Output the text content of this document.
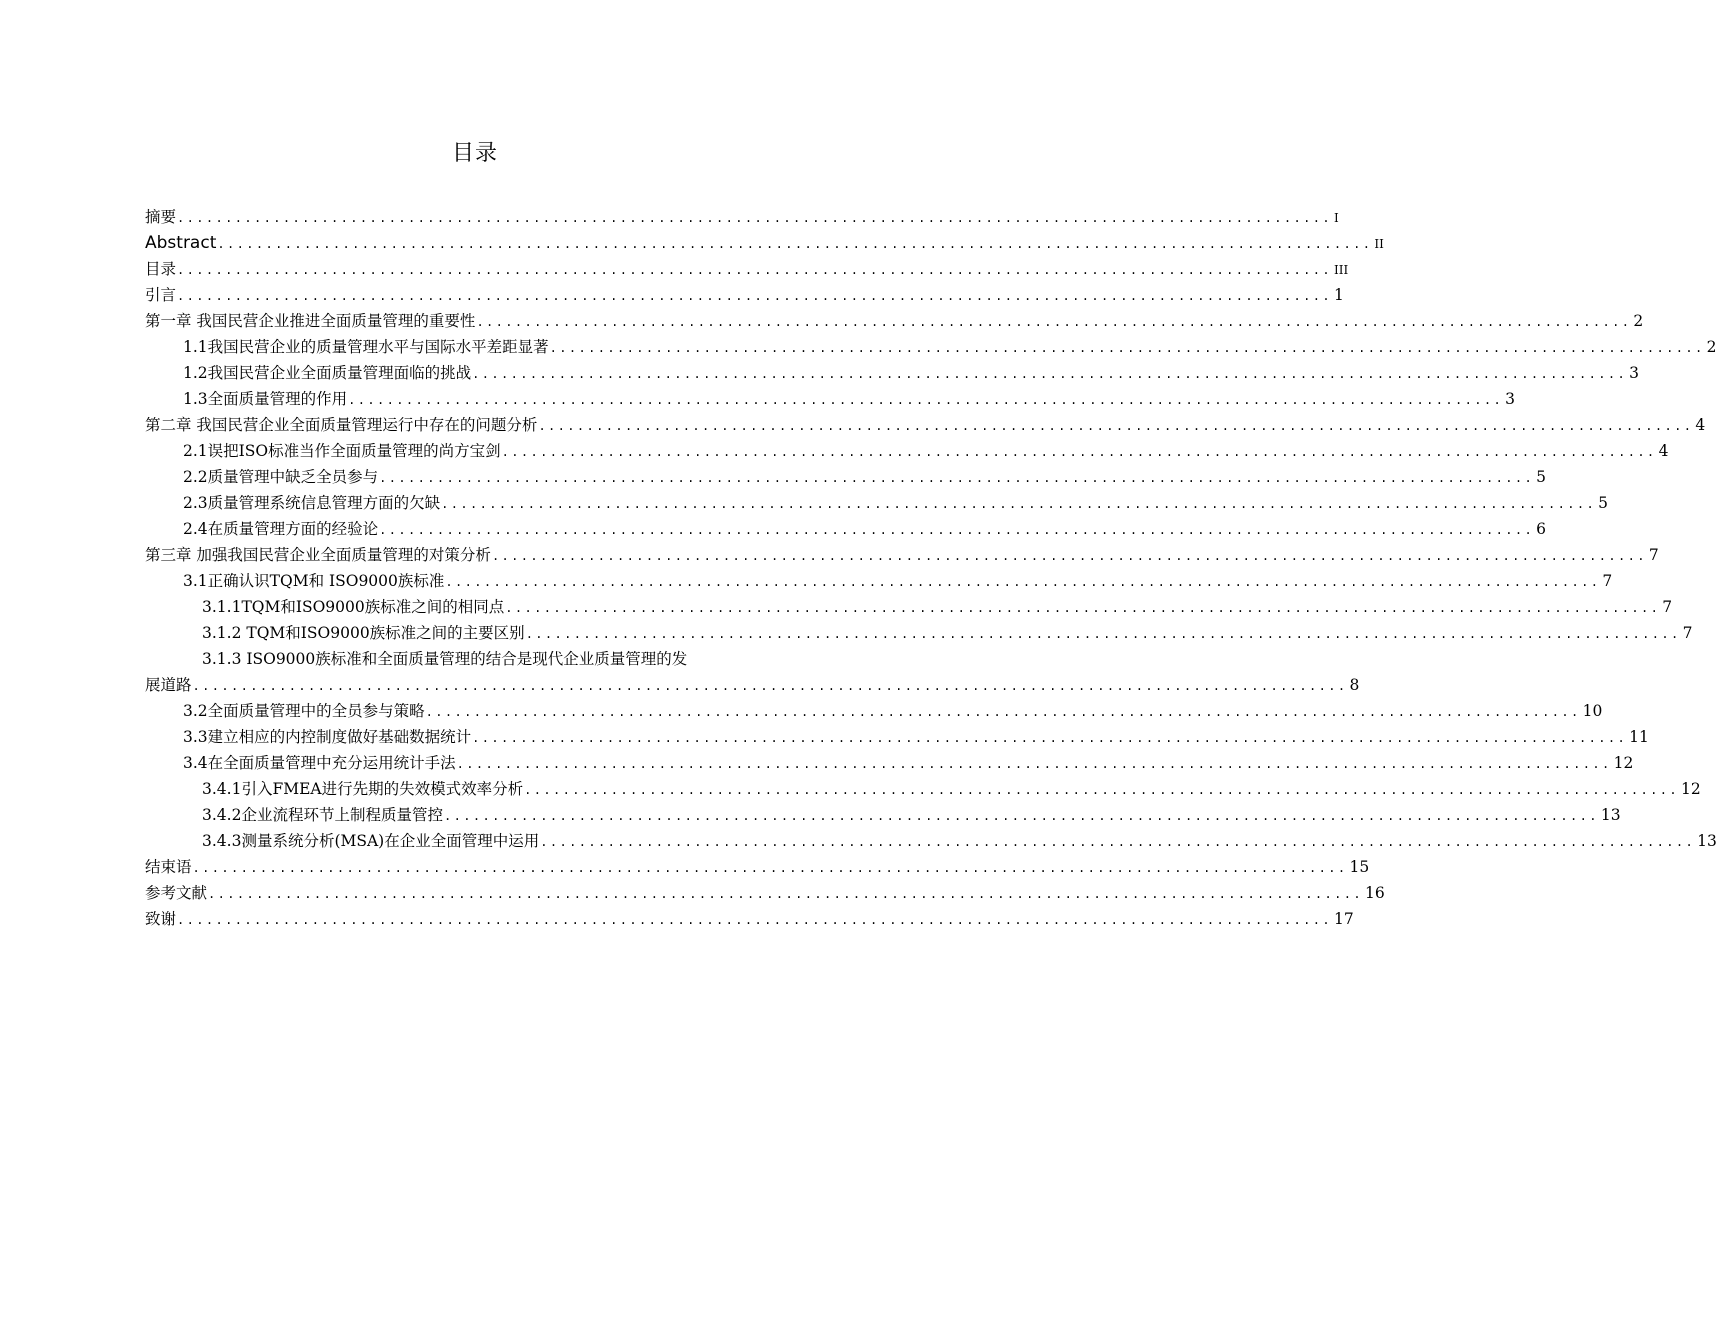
目录
摘要 ........................................................................................................................ I
Abstract ........................................................................................................................ II
目录 ........................................................................................................................ III
引言 ........................................................................................................................ 1
第一章 我国民营企业推进全面质量管理的重要性 ........................................................................................................................ 2
1.1我国民营企业的质量管理水平与国际水平差距显著 ........................................................................................................................ 2
1.2我国民营企业全面质量管理面临的挑战 ........................................................................................................................ 3
1.3全面质量管理的作用 ........................................................................................................................ 3
第二章 我国民营企业全面质量管理运行中存在的问题分析 ........................................................................................................................ 4
2.1误把ISO标准当作全面质量管理的尚方宝剑 ........................................................................................................................ 4
2.2质量管理中缺乏全员参与 ........................................................................................................................ 5
2.3质量管理系统信息管理方面的欠缺 ........................................................................................................................ 5
2.4在质量管理方面的经验论 ........................................................................................................................ 6
第三章 加强我国民营企业全面质量管理的对策分析 ........................................................................................................................ 7
3.1正确认识TQM和 ISO9000族标准 ........................................................................................................................ 7
3.1.1TQM和ISO9000族标准之间的相同点 ........................................................................................................................ 7
3.1.2 TQM和ISO9000族标准之间的主要区别 ........................................................................................................................ 7
3.1.3 ISO9000族标准和全面质量管理的结合是现代企业质量管理的发
展道路 ........................................................................................................................ 8
3.2全面质量管理中的全员参与策略 ........................................................................................................................ 10
3.3建立相应的内控制度做好基础数据统计 ........................................................................................................................ 11
3.4在全面质量管理中充分运用统计手法 ........................................................................................................................ 12
3.4.1引入FMEA进行先期的失效模式效率分析 ........................................................................................................................ 12
3.4.2企业流程环节上制程质量管控 ........................................................................................................................ 13
3.4.3测量系统分析(MSA)在企业全面管理中运用 ........................................................................................................................ 13
结束语 ........................................................................................................................ 15
参考文献 ........................................................................................................................ 16
致谢 ........................................................................................................................ 17
